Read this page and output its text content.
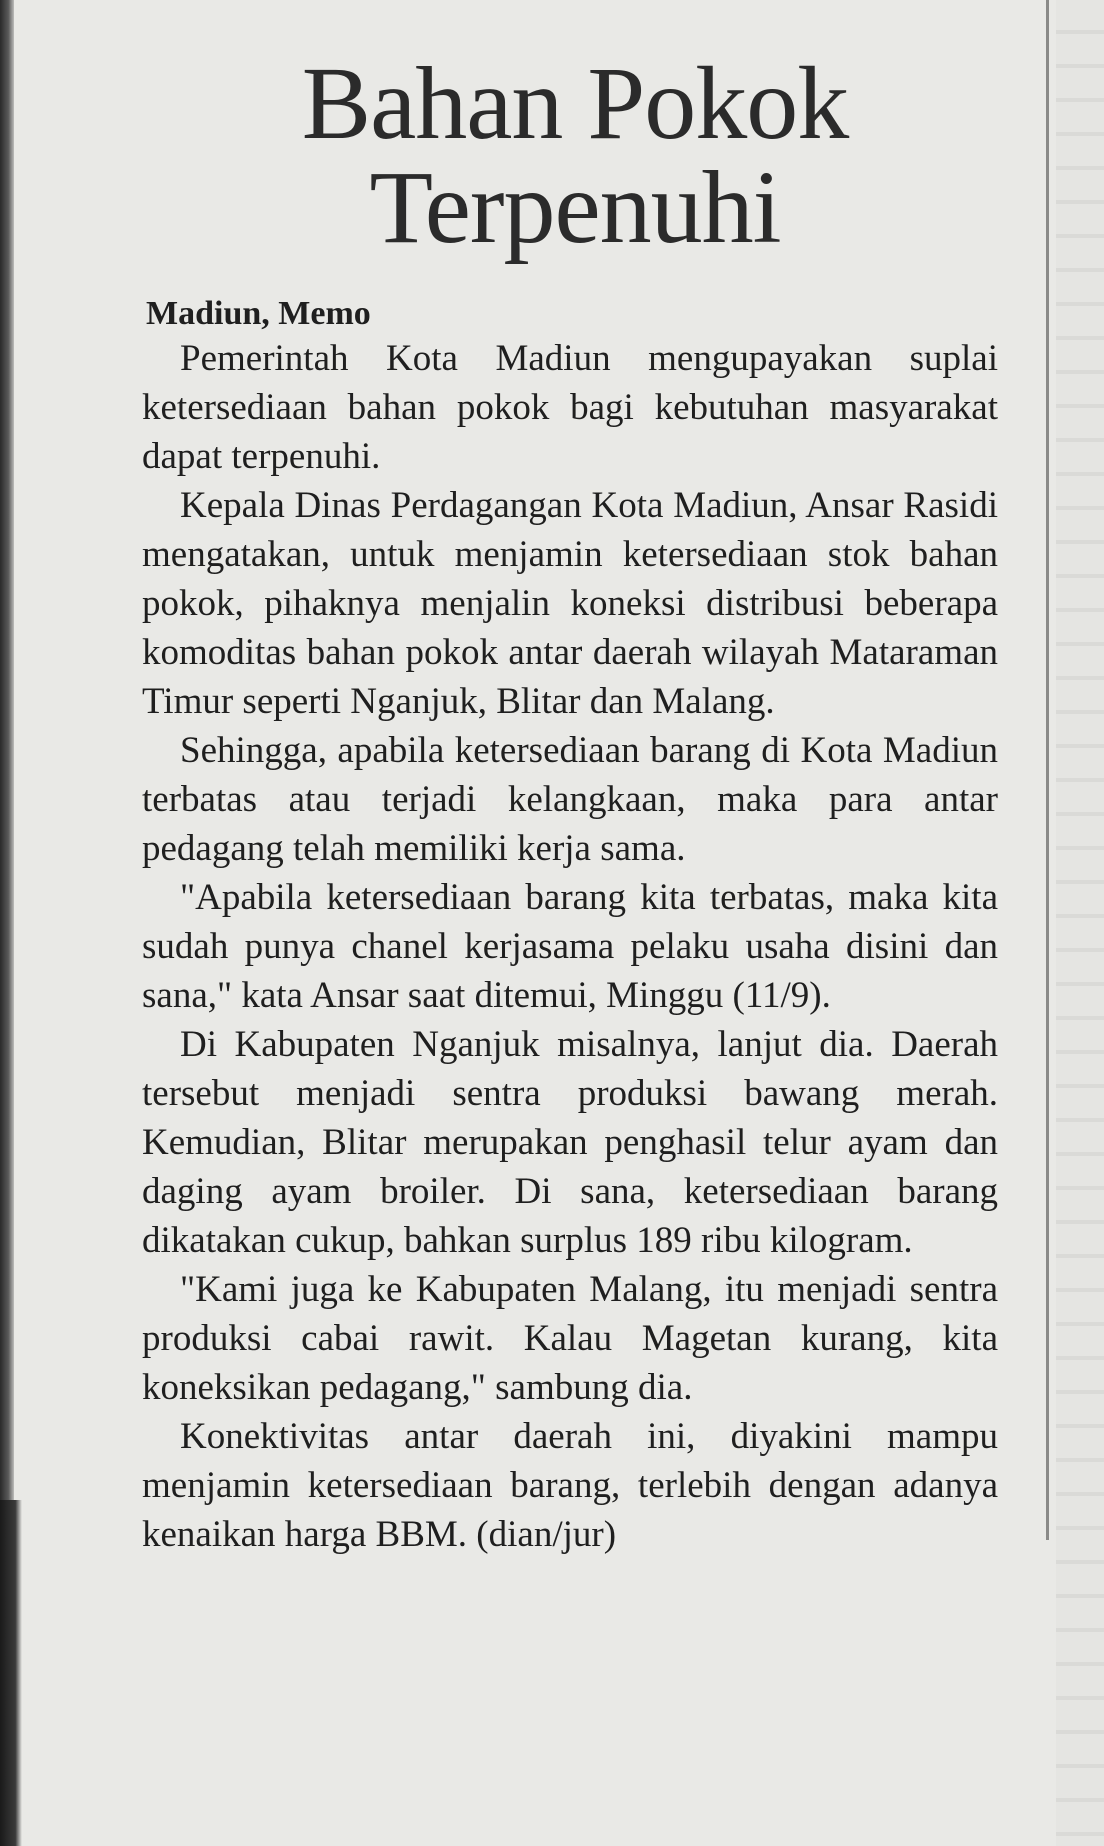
Bahan Pokok
Terpenuhi
Madiun, Memo

Pemerintah Kota Madiun mengupayakan suplai ketersediaan bahan pokok bagi kebutuhan masyarakat dapat terpenuhi.

Kepala Dinas Perdagangan Kota Madiun, Ansar Rasidi mengatakan, untuk menjamin ketersediaan stok bahan pokok, pihaknya menjalin koneksi distribusi beberapa komoditas bahan pokok antar daerah wilayah Mataraman Timur seperti Nganjuk, Blitar dan Malang.

Sehingga, apabila ketersediaan barang di Kota Madiun terbatas atau terjadi kelangkaan, maka para antar pedagang telah memiliki kerja sama.

"Apabila ketersediaan barang kita terbatas, maka kita sudah punya chanel kerjasama pelaku usaha disini dan sana," kata Ansar saat ditemui, Minggu (11/9).

Di Kabupaten Nganjuk misalnya, lanjut dia. Daerah tersebut menjadi sentra produksi bawang merah. Kemudian, Blitar merupakan penghasil telur ayam dan daging ayam broiler. Di sana, ketersediaan barang dikatakan cukup, bahkan surplus 189 ribu kilogram.

"Kami juga ke Kabupaten Malang, itu menjadi sentra produksi cabai rawit. Kalau Magetan kurang, kita koneksikan pedagang," sambung dia.

Konektivitas antar daerah ini, diyakini mampu menjamin ketersediaan barang, terlebih dengan adanya kenaikan harga BBM. (dian/jur)
